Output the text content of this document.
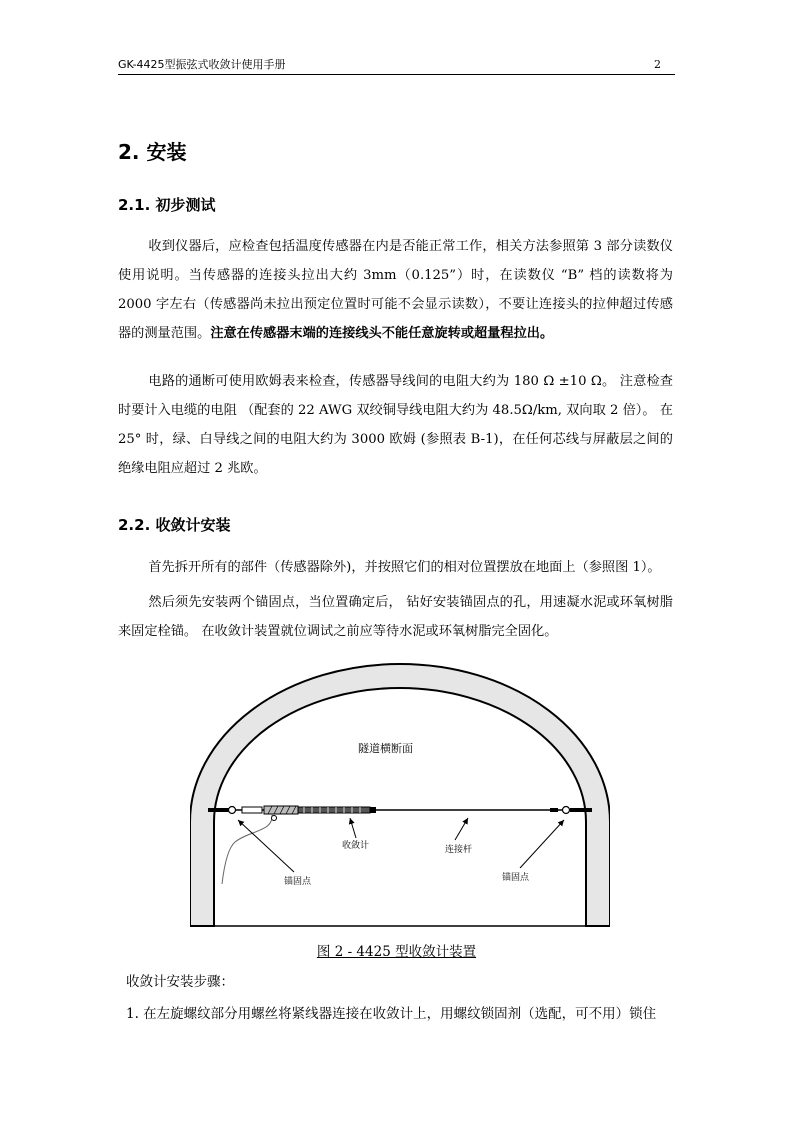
GK-4425型振弦式收敛计使用手册	2
2. 安装
2.1. 初步测试

收到仪器后，应检查包括温度传感器在内是否能正常工作，相关方法参照第 3 部分读数仪使用说明。当传感器的连接头拉出大约 3mm（0.125”）时，在读数仪 “B” 档的读数将为 2000 字左右（传感器尚未拉出预定位置时可能不会显示读数），不要让连接头的拉伸超过传感器的测量范围。注意在传感器末端的连接线头不能任意旋转或超量程拉出。

电路的通断可使用欧姆表来检查，传感器导线间的电阻大约为 180 Ω ±10 Ω。 注意检查时要计入电缆的电阻 （配套的 22 AWG 双绞铜导线电阻大约为 48.5Ω/km, 双向取 2 倍）。 在 25° 时，绿、白导线之间的电阻大约为 3000 欧姆 (参照表 B-1)，在任何芯线与屏蔽层之间的绝缘电阻应超过 2 兆欧。

2.2. 收敛计安装

首先拆开所有的部件（传感器除外)，并按照它们的相对位置摆放在地面上（参照图 1）。

然后须先安装两个锚固点，当位置确定后， 钻好安装锚固点的孔，用速凝水泥或环氧树脂来固定栓锚。 在收敛计装置就位调试之前应等待水泥或环氧树脂完全固化。

隧道横断面
收敛计	连接杆
锚固点	锚固点
图 2 - 4425 型收敛计装置

收敛计安装步骤：

1. 在左旋螺纹部分用螺丝将紧线器连接在收敛计上，用螺纹锁固剂（选配，可不用）锁住
